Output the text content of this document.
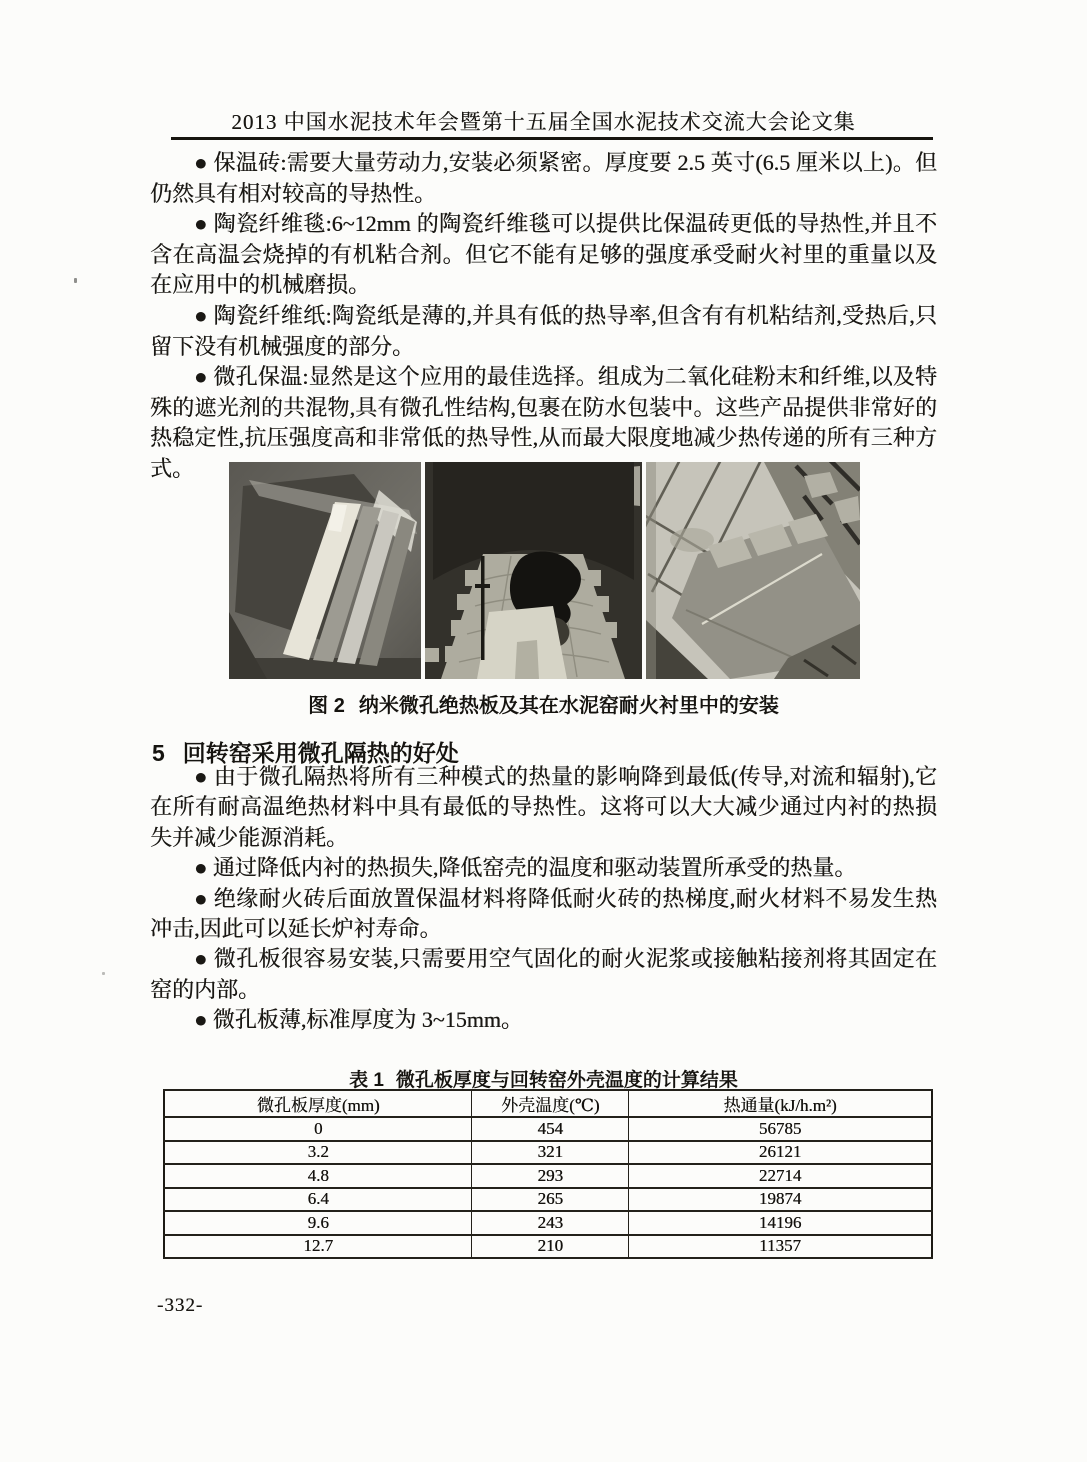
2013 中国水泥技术年会暨第十五届全国水泥技术交流大会论文集

● 保温砖:需要大量劳动力,安装必须紧密。厚度要 2.5 英寸(6.5 厘米以上)。但仍然具有相对较高的导热性。

● 陶瓷纤维毯:6~12mm 的陶瓷纤维毯可以提供比保温砖更低的导热性,并且不含在高温会烧掉的有机粘合剂。但它不能有足够的强度承受耐火衬里的重量以及在应用中的机械磨损。

● 陶瓷纤维纸:陶瓷纸是薄的,并具有低的热导率,但含有有机粘结剂,受热后,只留下没有机械强度的部分。

● 微孔保温:显然是这个应用的最佳选择。组成为二氧化硅粉末和纤维,以及特殊的遮光剂的共混物,具有微孔性结构,包裹在防水包装中。这些产品提供非常好的热稳定性,抗压强度高和非常低的热导性,从而最大限度地减少热传递的所有三种方式。

图 2 纳米微孔绝热板及其在水泥窑耐火衬里中的安装
5 回转窑采用微孔隔热的好处

● 由于微孔隔热将所有三种模式的热量的影响降到最低(传导,对流和辐射),它在所有耐高温绝热材料中具有最低的导热性。这将可以大大减少通过内衬的热损失并减少能源消耗。

● 通过降低内衬的热损失,降低窑壳的温度和驱动装置所承受的热量。

● 绝缘耐火砖后面放置保温材料将降低耐火砖的热梯度,耐火材料不易发生热冲击,因此可以延长炉衬寿命。

● 微孔板很容易安装,只需要用空气固化的耐火泥浆或接触粘接剂将其固定在窑的内部。

● 微孔板薄,标准厚度为 3~15mm。

表 1 微孔板厚度与回转窑外壳温度的计算结果
微孔板厚度(mm)	外壳温度(℃)	热通量(kJ/h.m²)
0	454	56785
3.2	321	26121
4.8	293	22714
6.4	265	19874
9.6	243	14196
12.7	210	11357
-332-
